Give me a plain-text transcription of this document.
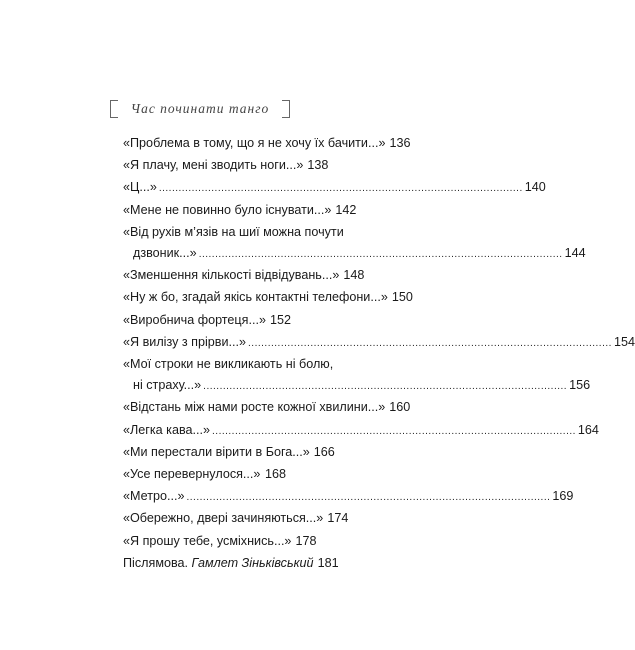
Час починати танго
«Проблема в тому, що я не хочу їх бачити...» 136
«Я плачу, мені зводить ноги...» 138
«Ц...» ............................................................................................................... 140
«Мене не повинно було існувати...» 142
«Від рухів м’язів на шиї можна почути
дзвоник...» ............................................................................................................... 144
«Зменшення кількості відвідувань...» 148
«Ну ж бо, згадай якісь контактні телефони...» 150
«Виробнича фортеця...» 152
«Я вилізу з прірви...» ............................................................................................................... 154
«Мої строки не викликають ні болю,
ні страху...» ............................................................................................................... 156
«Відстань між нами росте кожної хвилини...» 160
«Легка кава...» ............................................................................................................... 164
«Ми перестали вірити в Бога...» 166
«Усе перевернулося...» 168
«Метро...» ............................................................................................................... 169
«Обережно, двері зачиняються...» 174
«Я прошу тебе, усміхнись...» 178
Післямова. Гамлет Зіньківський 181
